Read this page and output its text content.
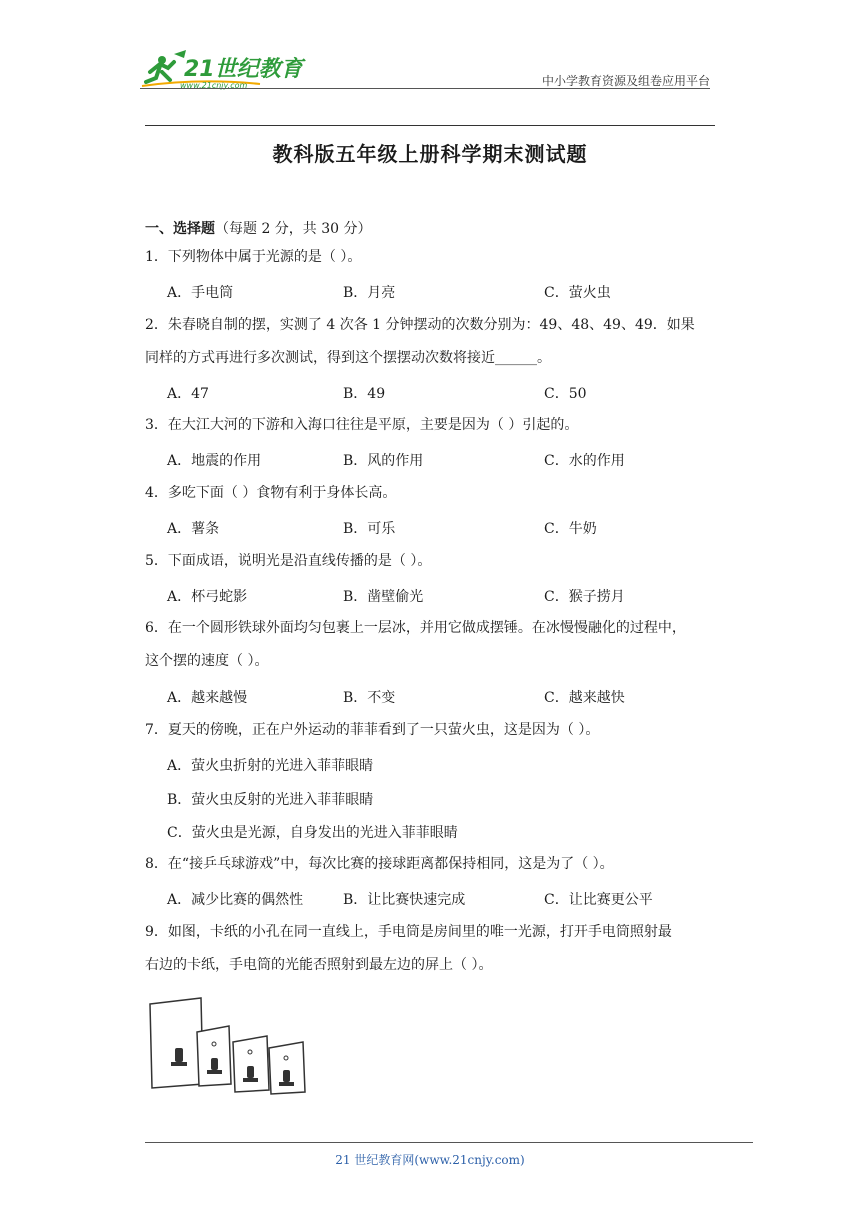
21世纪教育
www.21cnjy.com	中小学教育资源及组卷应用平台
教科版五年级上册科学期末测试题
一、选择题（每题 2 分，共 30 分）
1．下列物体中属于光源的是（ ）。
A．手电筒	B．月亮	C．萤火虫
2．朱春晓自制的摆，实测了 4 次各 1 分钟摆动的次数分别为：49、48、49、49．如果
同样的方式再进行多次测试，得到这个摆摆动次数将接近______。
A．47	B．49	C．50
3．在大江大河的下游和入海口往往是平原，主要是因为（ ）引起的。
A．地震的作用	B．风的作用	C．水的作用
4．多吃下面（ ）食物有利于身体长高。
A．薯条	B．可乐	C．牛奶
5．下面成语，说明光是沿直线传播的是（ ）。
A．杯弓蛇影	B．凿壁偷光	C．猴子捞月
6．在一个圆形铁球外面均匀包裹上一层冰，并用它做成摆锤。在冰慢慢融化的过程中，
这个摆的速度（ ）。
A．越来越慢	B．不变	C．越来越快
7．夏天的傍晚，正在户外运动的菲菲看到了一只萤火虫，这是因为（ ）。
A．萤火虫折射的光进入菲菲眼睛
B．萤火虫反射的光进入菲菲眼睛
C．萤火虫是光源，自身发出的光进入菲菲眼睛
8．在“接乒乓球游戏”中，每次比赛的接球距离都保持相同，这是为了（ ）。
A．减少比赛的偶然性	B．让比赛快速完成	C．让比赛更公平
9．如图，卡纸的小孔在同一直线上，手电筒是房间里的唯一光源，打开手电筒照射最
右边的卡纸，手电筒的光能否照射到最左边的屏上（ ）。
21 世纪教育网(www.21cnjy.com)
